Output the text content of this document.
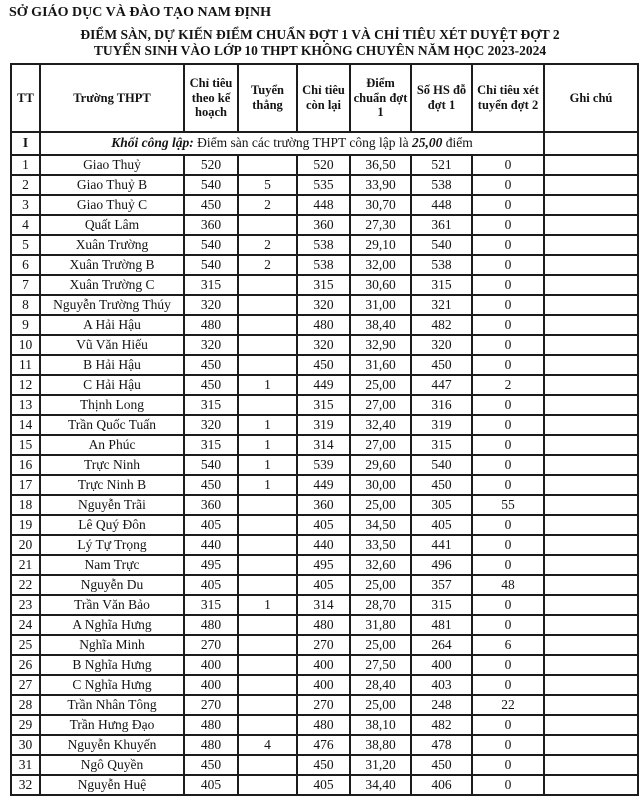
SỞ GIÁO DỤC VÀ ĐÀO TẠO NAM ĐỊNH
ĐIỂM SÀN, DỰ KIẾN ĐIỂM CHUẨN ĐỢT 1 VÀ CHỈ TIÊU XÉT DUYỆT ĐỢT 2
TUYỂN SINH VÀO LỚP 10 THPT KHÔNG CHUYÊN NĂM HỌC 2023-2024
TT	Trường THPT	Chỉ tiêu theo kế hoạch	Tuyển thẳng	Chỉ tiêu còn lại	Điểm chuẩn đợt 1	Số HS đỗ đợt 1	Chỉ tiêu xét tuyển đợt 2	Ghi chú
I	Khối công lập: Điểm sàn các trường THPT công lập là 25,00 điểm							
1	Giao Thuỷ	520		520	36,50	521	0	
2	Giao Thuỷ B	540	5	535	33,90	538	0	
3	Giao Thuỷ C	450	2	448	30,70	448	0	
4	Quất Lâm	360		360	27,30	361	0	
5	Xuân Trường	540	2	538	29,10	540	0	
6	Xuân Trường B	540	2	538	32,00	538	0	
7	Xuân Trường C	315		315	30,60	315	0	
8	Nguyễn Trường Thúy	320		320	31,00	321	0	
9	A Hải Hậu	480		480	38,40	482	0	
10	Vũ Văn Hiếu	320		320	32,90	320	0	
11	B Hải Hậu	450		450	31,60	450	0	
12	C Hải Hậu	450	1	449	25,00	447	2	
13	Thịnh Long	315		315	27,00	316	0	
14	Trần Quốc Tuấn	320	1	319	32,40	319	0	
15	An Phúc	315	1	314	27,00	315	0	
16	Trực Ninh	540	1	539	29,60	540	0	
17	Trực Ninh B	450	1	449	30,00	450	0	
18	Nguyễn Trãi	360		360	25,00	305	55	
19	Lê Quý Đôn	405		405	34,50	405	0	
20	Lý Tự Trọng	440		440	33,50	441	0	
21	Nam Trực	495		495	32,60	496	0	
22	Nguyễn Du	405		405	25,00	357	48	
23	Trần Văn Bảo	315	1	314	28,70	315	0	
24	A Nghĩa Hưng	480		480	31,80	481	0	
25	Nghĩa Minh	270		270	25,00	264	6	
26	B Nghĩa Hưng	400		400	27,50	400	0	
27	C Nghĩa Hưng	400		400	28,40	403	0	
28	Trần Nhân Tông	270		270	25,00	248	22	
29	Trần Hưng Đạo	480		480	38,10	482	0	
30	Nguyễn Khuyến	480	4	476	38,80	478	0	
31	Ngô Quyền	450		450	31,20	450	0	
32	Nguyễn Huệ	405		405	34,40	406	0	
